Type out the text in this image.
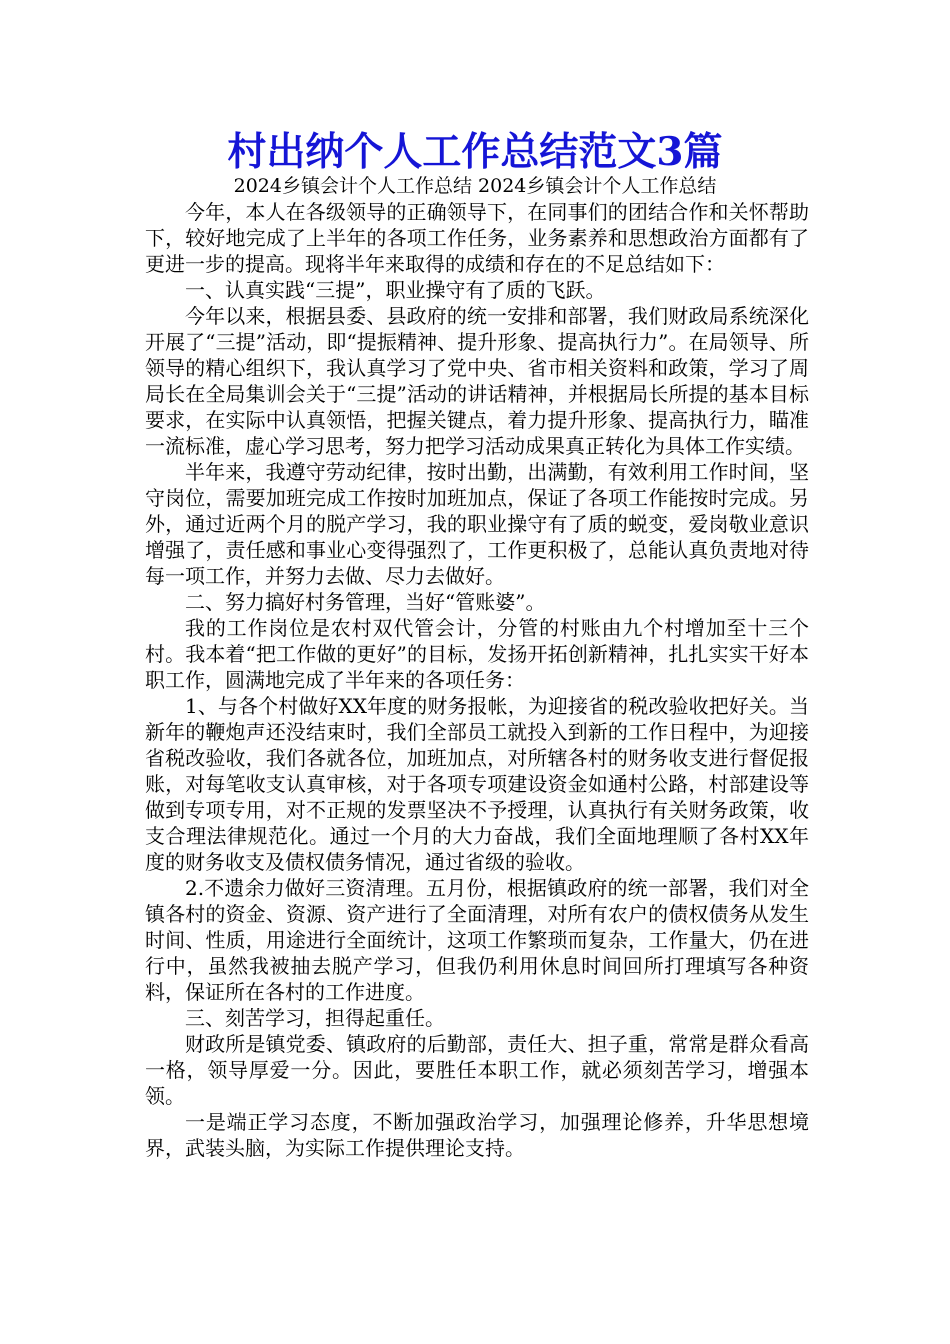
村出纳个人工作总结范文3篇
2024乡镇会计个人工作总结 2024乡镇会计个人工作总结

今年，本人在各级领导的正确领导下，在同事们的团结合作和关怀帮助下，较好地完成了上半年的各项工作任务，业务素养和思想政治方面都有了更进一步的提高。现将半年来取得的成绩和存在的不足总结如下：

一、认真实践“三提”，职业操守有了质的飞跃。

今年以来，根据县委、县政府的统一安排和部署，我们财政局系统深化开展了“三提”活动，即“提振精神、提升形象、提高执行力”。在局领导、所领导的精心组织下，我认真学习了党中央、省市相关资料和政策，学习了周局长在全局集训会关于“三提”活动的讲话精神，并根据局长所提的基本目标要求，在实际中认真领悟，把握关键点，着力提升形象、提高执行力，瞄准一流标准，虚心学习思考，努力把学习活动成果真正转化为具体工作实绩。

半年来，我遵守劳动纪律，按时出勤，出满勤，有效利用工作时间，坚守岗位，需要加班完成工作按时加班加点，保证了各项工作能按时完成。另外，通过近两个月的脱产学习，我的职业操守有了质的蜕变，爱岗敬业意识增强了，责任感和事业心变得强烈了，工作更积极了，总能认真负责地对待每一项工作，并努力去做、尽力去做好。

二、努力搞好村务管理，当好“管账婆”。

我的工作岗位是农村双代管会计，分管的村账由九个村增加至十三个村。我本着“把工作做的更好”的目标，发扬开拓创新精神，扎扎实实干好本职工作，圆满地完成了半年来的各项任务：

1、与各个村做好XX年度的财务报帐，为迎接省的税改验收把好关。当新年的鞭炮声还没结束时，我们全部员工就投入到新的工作日程中，为迎接省税改验收，我们各就各位，加班加点，对所辖各村的财务收支进行督促报账，对每笔收支认真审核，对于各项专项建设资金如通村公路，村部建设等做到专项专用，对不正规的发票坚决不予授理，认真执行有关财务政策，收支合理法律规范化。通过一个月的大力奋战，我们全面地理顺了各村XX年度的财务收支及债权债务情况，通过省级的验收。

2.不遗余力做好三资清理。五月份，根据镇政府的统一部署，我们对全镇各村的资金、资源、资产进行了全面清理，对所有农户的债权债务从发生时间、性质，用途进行全面统计，这项工作繁琐而复杂，工作量大，仍在进行中，虽然我被抽去脱产学习，但我仍利用休息时间回所打理填写各种资料，保证所在各村的工作进度。

三、刻苦学习，担得起重任。

财政所是镇党委、镇政府的后勤部，责任大、担子重，常常是群众看高一格，领导厚爱一分。因此，要胜任本职工作，就必须刻苦学习，增强本领。

一是端正学习态度，不断加强政治学习，加强理论修养，升华思想境界，武装头脑，为实际工作提供理论支持。
